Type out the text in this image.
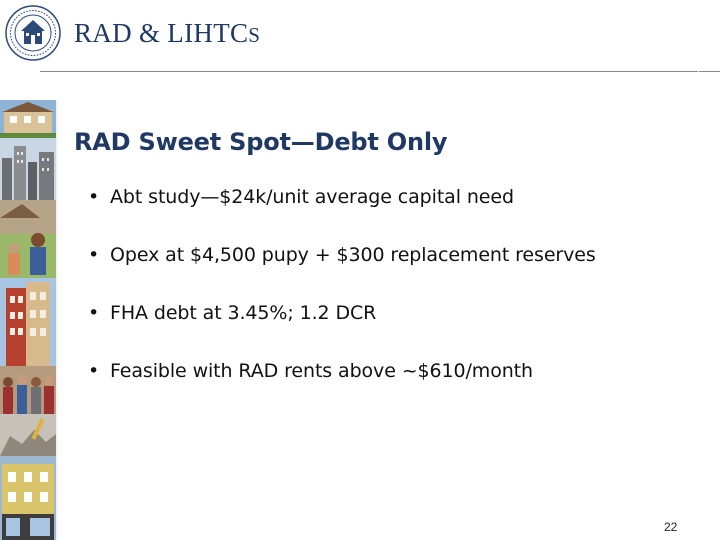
RAD & LIHTCS
RAD Sweet Spot—Debt Only
• Abt study—$24k/unit average capital need
• Opex at $4,500 pupy + $300 replacement reserves
• FHA debt at 3.45%; 1.2 DCR
• Feasible with RAD rents above ~$610/month
22
